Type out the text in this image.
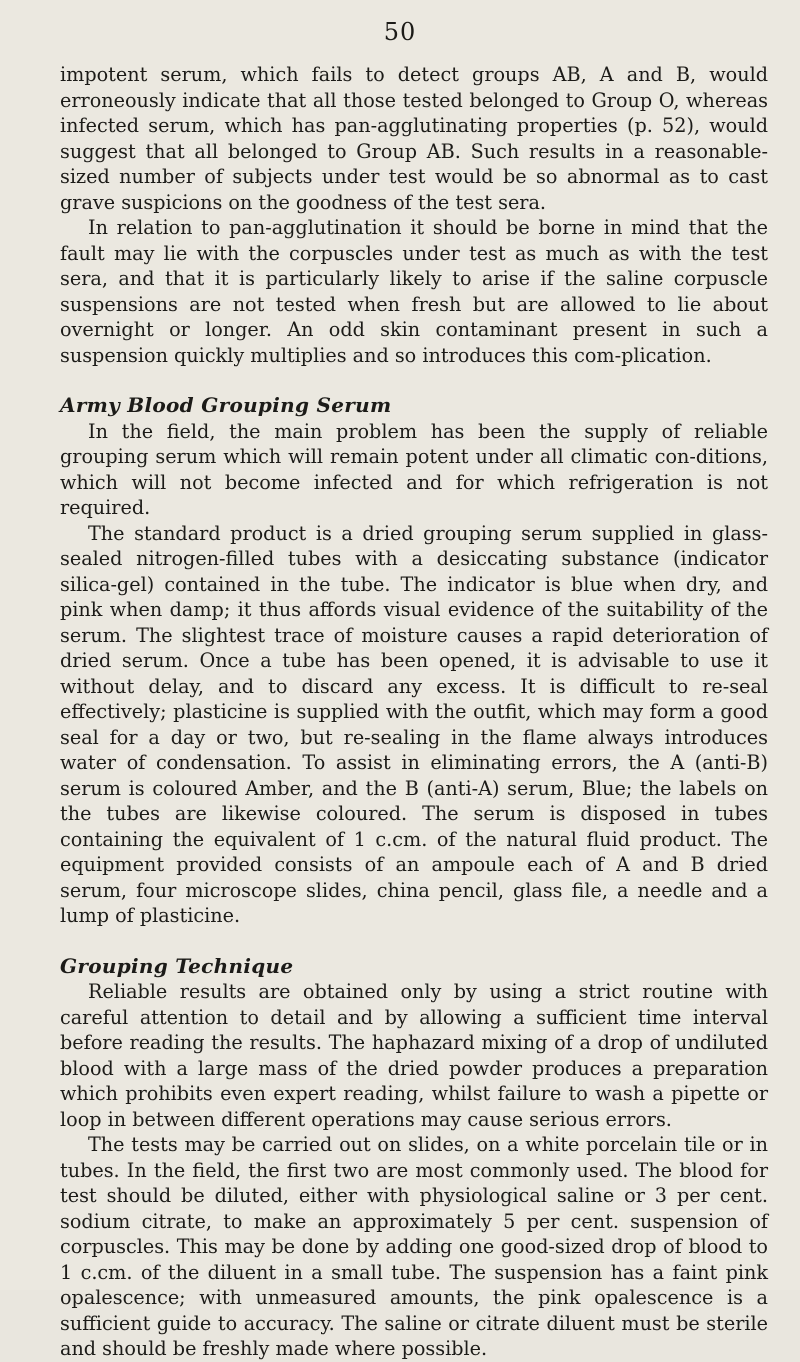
50

impotent serum, which fails to detect groups AB, A and B, would erroneously indicate that all those tested belonged to Group O, whereas infected serum, which has pan-agglutinating properties (p. 52), would suggest that all belonged to Group AB. Such results in a reasonable-sized number of subjects under test would be so abnormal as to cast grave suspicions on the goodness of the test sera.

In relation to pan-agglutination it should be borne in mind that the fault may lie with the corpuscles under test as much as with the test sera, and that it is particularly likely to arise if the saline corpuscle suspensions are not tested when fresh but are allowed to lie about overnight or longer. An odd skin contaminant present in such a suspension quickly multiplies and so introduces this com-plication.

Army Blood Grouping Serum

In the field, the main problem has been the supply of reliable grouping serum which will remain potent under all climatic con-ditions, which will not become infected and for which refrigeration is not required.

The standard product is a dried grouping serum supplied in glass-sealed nitrogen-filled tubes with a desiccating substance (indicator silica-gel) contained in the tube. The indicator is blue when dry, and pink when damp; it thus affords visual evidence of the suitability of the serum. The slightest trace of moisture causes a rapid deterioration of dried serum. Once a tube has been opened, it is advisable to use it without delay, and to discard any excess. It is difficult to re-seal effectively; plasticine is supplied with the outfit, which may form a good seal for a day or two, but re-sealing in the flame always introduces water of condensation. To assist in eliminating errors, the A (anti-B) serum is coloured Amber, and the B (anti-A) serum, Blue; the labels on the tubes are likewise coloured. The serum is disposed in tubes containing the equivalent of 1 c.cm. of the natural fluid product. The equipment provided consists of an ampoule each of A and B dried serum, four microscope slides, china pencil, glass file, a needle and a lump of plasticine.

Grouping Technique

Reliable results are obtained only by using a strict routine with careful attention to detail and by allowing a sufficient time interval before reading the results. The haphazard mixing of a drop of undiluted blood with a large mass of the dried powder produces a preparation which prohibits even expert reading, whilst failure to wash a pipette or loop in between different operations may cause serious errors.

The tests may be carried out on slides, on a white porcelain tile or in tubes. In the field, the first two are most commonly used. The blood for test should be diluted, either with physiological saline or 3 per cent. sodium citrate, to make an approximately 5 per cent. suspension of corpuscles. This may be done by adding one good-sized drop of blood to 1 c.cm. of the diluent in a small tube. The suspension has a faint pink opalescence; with unmeasured amounts, the pink opalescence is a sufficient guide to accuracy. The saline or citrate diluent must be sterile and should be freshly made where possible.
